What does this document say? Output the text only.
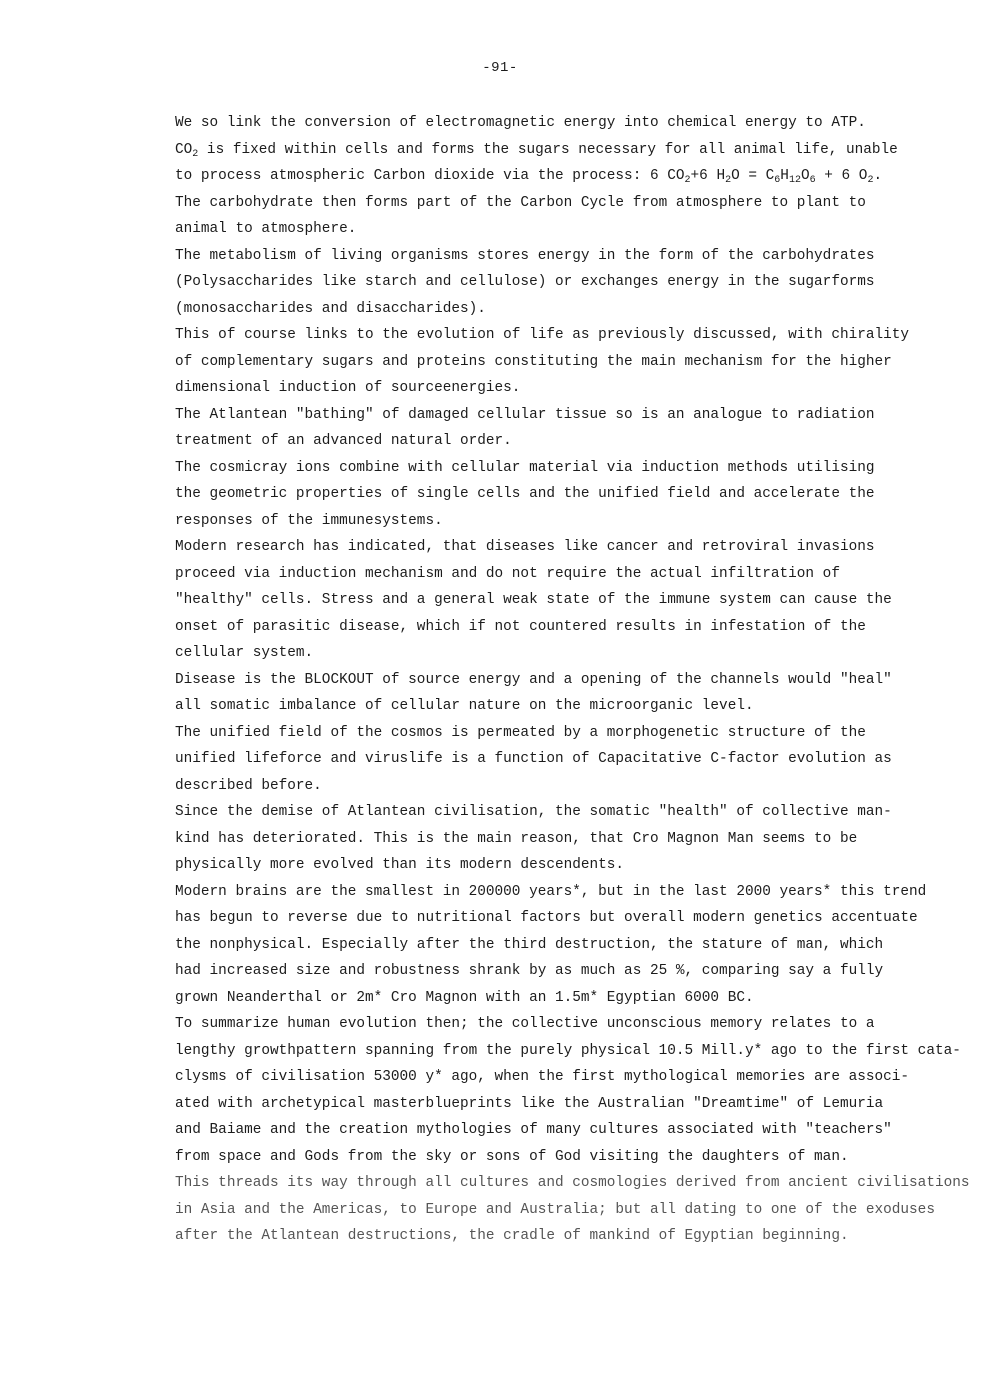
-91-
We so link the conversion of electromagnetic energy into chemical energy to ATP.
$CO_2$ is fixed within cells and forms the sugars necessary for all animal life, unable
to process atmospheric Carbon dioxide via the process: 6 $CO_2+6$ $H_2O = C_6H_{12}O_6 + 6$ $O_2$.
The carbohydrate then forms part of the Carbon Cycle from atmosphere to plant to
animal to atmosphere.
The metabolism of living organisms stores energy in the form of the carbohydrates
(Polysaccharides like starch and cellulose) or exchanges energy in the sugarforms
(monosaccharides and disaccharides).
This of course links to the evolution of life as previously discussed, with chirality
of complementary sugars and proteins constituting the main mechanism for the higher
dimensional induction of sourceenergies.
The Atlantean "bathing" of damaged cellular tissue so is an analogue to radiation
treatment of an advanced natural order.
The cosmicray ions combine with cellular material via induction methods utilising
the geometric properties of single cells and the unified field and accelerate the
responses of the immunesystems.
Modern research has indicated, that diseases like cancer and retroviral invasions
proceed via induction mechanism and do not require the actual infiltration of
"healthy" cells. Stress and a general weak state of the immune system can cause the
onset of parasitic disease, which if not countered results in infestation of the
cellular system.
Disease is the BLOCKOUT of source energy and a opening of the channels would "heal"
all somatic imbalance of cellular nature on the microorganic level.
The unified field of the cosmos is permeated by a morphogenetic structure of the
unified lifeforce and viruslife is a function of Capacitative C-factor evolution as
described before.
Since the demise of Atlantean civilisation, the somatic "health" of collective man-
kind has deteriorated. This is the main reason, that Cro Magnon Man seems to be
physically more evolved than its modern descendents.
Modern brains are the smallest in 200000 years*, but in the last 2000 years* this trend
has begun to reverse due to nutritional factors but overall modern genetics accentuate
the nonphysical. Especially after the third destruction, the stature of man, which
had increased size and robustness shrank by as much as 25 %, comparing say a fully
grown Neanderthal or 2m* Cro Magnon with an 1.5m* Egyptian 6000 BC.
To summarize human evolution then; the collective unconscious memory relates to a
lengthy growthpattern spanning from the purely physical 10.5 Mill.y* ago to the first cata-
clysms of civilisation 53000 y* ago, when the first mythological memories are associ-
ated with archetypical masterblueprints like the Australian "Dreamtime" of Lemuria
and Baiame and the creation mythologies of many cultures associated with "teachers"
from space and Gods from the sky or sons of God visiting the daughters of man.
This threads its way through all cultures and cosmologies derived from ancient civilisations
in Asia and the Americas, to Europe and Australia; but all dating to one of the exoduses
after the Atlantean destructions, the cradle of mankind of Egyptian beginning.
